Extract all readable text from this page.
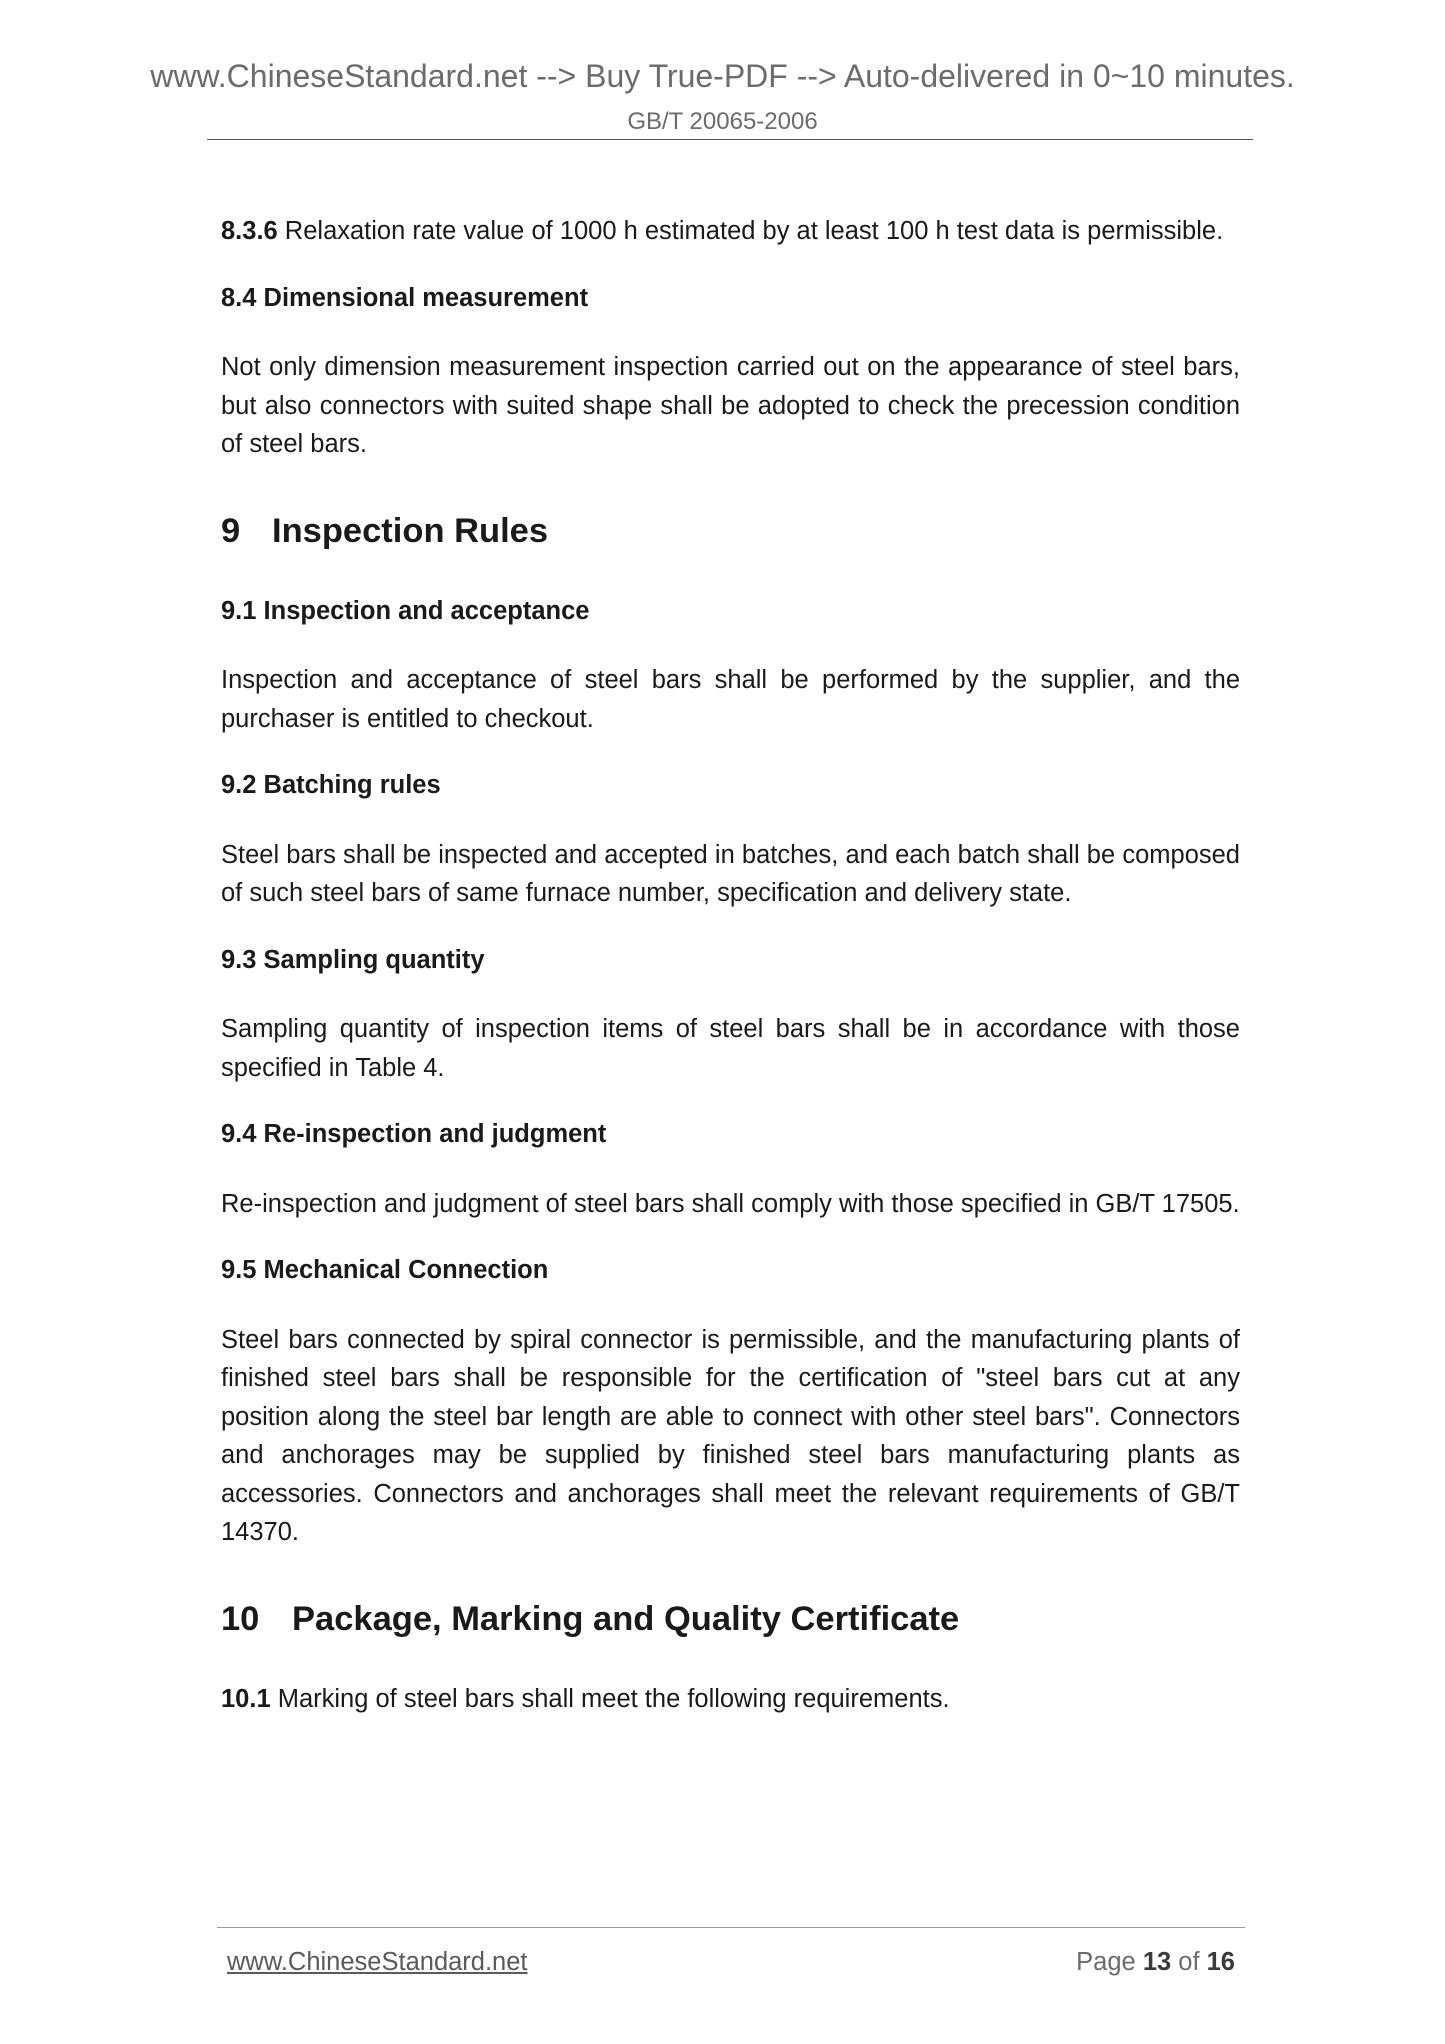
www.ChineseStandard.net --> Buy True-PDF --> Auto-delivered in 0~10 minutes.
GB/T 20065-2006

8.3.6 Relaxation rate value of 1000 h estimated by at least 100 h test data is permissible.

8.4 Dimensional measurement

Not only dimension measurement inspection carried out on the appearance of steel bars, but also connectors with suited shape shall be adopted to check the precession condition of steel bars.

9 Inspection Rules

9.1 Inspection and acceptance

Inspection and acceptance of steel bars shall be performed by the supplier, and the purchaser is entitled to checkout.

9.2 Batching rules

Steel bars shall be inspected and accepted in batches, and each batch shall be composed of such steel bars of same furnace number, specification and delivery state.

9.3 Sampling quantity

Sampling quantity of inspection items of steel bars shall be in accordance with those specified in Table 4.

9.4 Re-inspection and judgment

Re-inspection and judgment of steel bars shall comply with those specified in GB/T 17505.

9.5 Mechanical Connection

Steel bars connected by spiral connector is permissible, and the manufacturing plants of finished steel bars shall be responsible for the certification of "steel bars cut at any position along the steel bar length are able to connect with other steel bars". Connectors and anchorages may be supplied by finished steel bars manufacturing plants as accessories. Connectors and anchorages shall meet the relevant requirements of GB/T 14370.

10 Package, Marking and Quality Certificate

10.1 Marking of steel bars shall meet the following requirements.

www.ChineseStandard.net	Page 13 of 16
